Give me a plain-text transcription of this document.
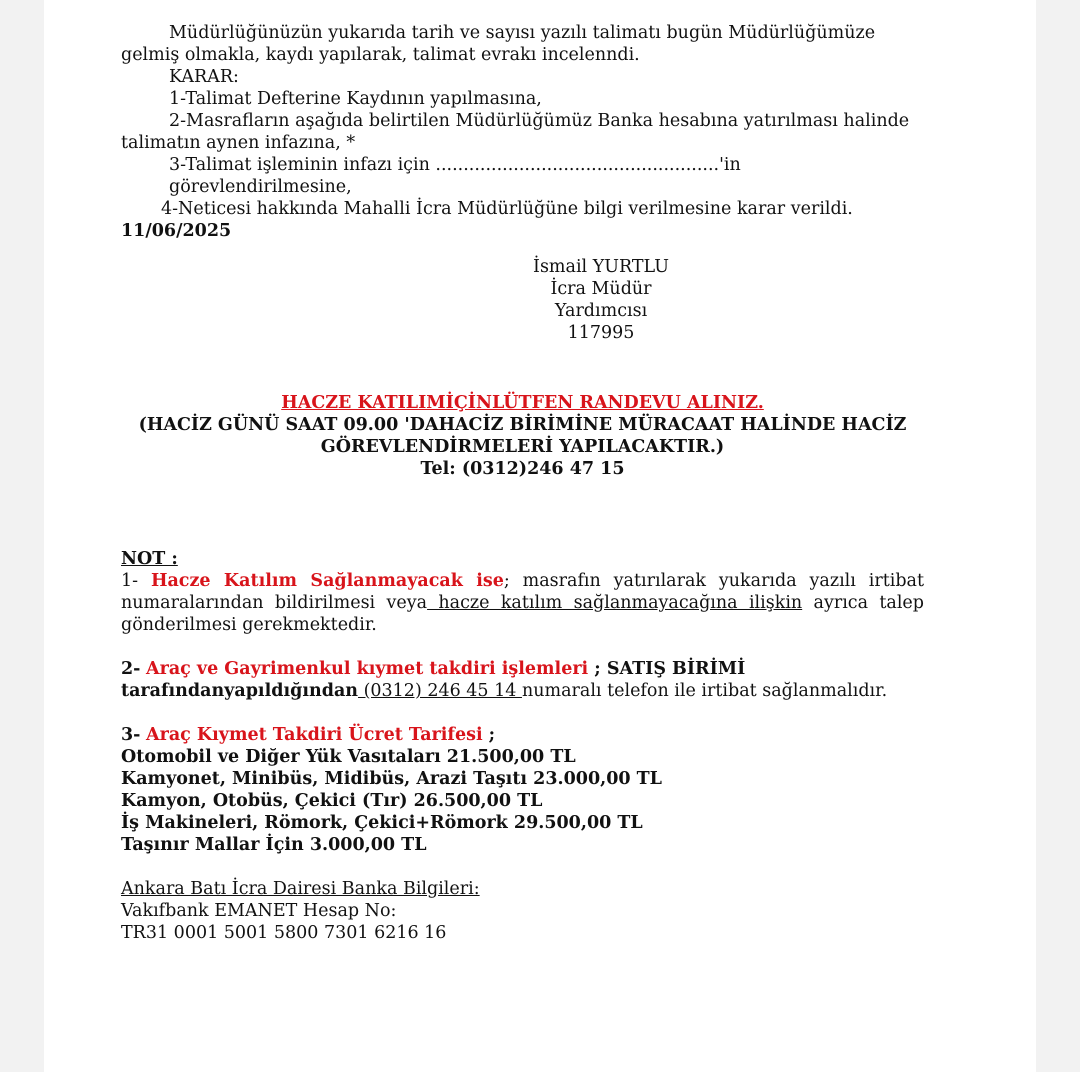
Müdürlüğünüzün yukarıda tarih ve sayısı yazılı talimatı bugün Müdürlüğümüze gelmiş olmakla, kaydı yapılarak, talimat evrakı incelenndi.

KARAR:

1-Talimat Defterine Kaydının yapılmasına,

2-Masrafların aşağıda belirtilen Müdürlüğümüz Banka hesabına yatırılması halinde talimatın aynen infazına, *

3-Talimat işleminin infazı için ...................................................'in görevlendirilmesine,

4-Neticesi hakkında Mahalli İcra Müdürlüğüne bilgi verilmesine karar verildi.

11/06/2025

İsmail YURTLU

İcra Müdür

Yardımcısı

117995

HACZE KATILIMİÇİNLÜTFEN RANDEVU ALINIZ.

(HACİZ GÜNÜ SAAT 09.00 'DAHACİZ BİRİMİNE MÜRACAAT HALİNDE HACİZ

GÖREVLENDİRMELERİ YAPILACAKTIR.)

Tel: (0312)246 47 15

NOT :

1- Hacze Katılım Sağlanmayacak ise; masrafın yatırılarak yukarıda yazılı irtibat numaralarından bildirilmesi veya hacze katılım sağlanmayacağına ilişkin ayrıca talep gönderilmesi gerekmektedir.

2- Araç ve Gayrimenkul kıymet takdiri işlemleri ; SATIŞ BİRİMİ tarafındanyapıldığından (0312) 246 45 14 numaralı telefon ile irtibat sağlanmalıdır.

3- Araç Kıymet Takdiri Ücret Tarifesi ;

Otomobil ve Diğer Yük Vasıtaları 21.500,00 TL

Kamyonet, Minibüs, Midibüs, Arazi Taşıtı 23.000,00 TL

Kamyon, Otobüs, Çekici (Tır) 26.500,00 TL

İş Makineleri, Römork, Çekici+Römork 29.500,00 TL

Taşınır Mallar İçin 3.000,00 TL

Ankara Batı İcra Dairesi Banka Bilgileri:

Vakıfbank EMANET Hesap No:

TR31 0001 5001 5800 7301 6216 16
